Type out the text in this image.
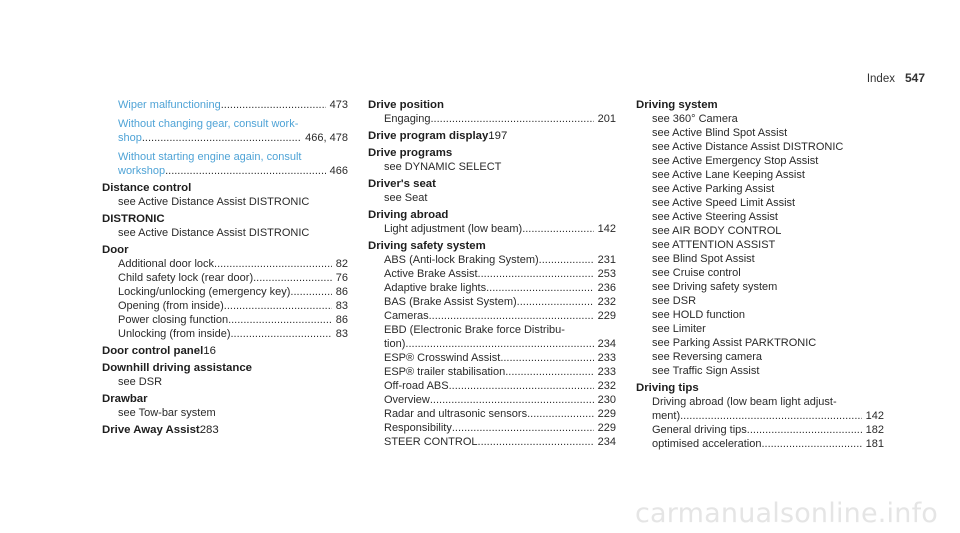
Index 547
Wiper malfunctioning .....	473
Without changing gear, consult work-
shop .....	466, 478
Without starting engine again, consult
workshop .....	466
Distance control
see Active Distance Assist DISTRONIC
DISTRONIC
see Active Distance Assist DISTRONIC
Door
Additional door lock .....	82
Child safety lock (rear door) .....	76
Locking/unlocking (emergency key) .....	86
Opening (from inside) .....	83
Power closing function .....	86
Unlocking (from inside) .....	83
Door control panel 16
Downhill driving assistance
see DSR
Drawbar
see Tow-bar system
Drive Away Assist 283
Drive position
Engaging .....	201
Drive program display 197
Drive programs
see DYNAMIC SELECT
Driver's seat
see Seat
Driving abroad
Light adjustment (low beam) .....	142
Driving safety system
ABS (Anti-lock Braking System) .....	231
Active Brake Assist .....	253
Adaptive brake lights .....	236
BAS (Brake Assist System) .....	232
Cameras .....	229
EBD (Electronic Brake force Distribu-
tion) .....	234
ESP® Crosswind Assist .....	233
ESP® trailer stabilisation .....	233
Off-road ABS .....	232
Overview .....	230
Radar and ultrasonic sensors .....	229
Responsibility .....	229
STEER CONTROL .....	234
Driving system
see 360° Camera
see Active Blind Spot Assist
see Active Distance Assist DISTRONIC
see Active Emergency Stop Assist
see Active Lane Keeping Assist
see Active Parking Assist
see Active Speed Limit Assist
see Active Steering Assist
see AIR BODY CONTROL
see ATTENTION ASSIST
see Blind Spot Assist
see Cruise control
see Driving safety system
see DSR
see HOLD function
see Limiter
see Parking Assist PARKTRONIC
see Reversing camera
see Traffic Sign Assist
Driving tips
Driving abroad (low beam light adjust-
ment) .....	142
General driving tips .....	182
optimised acceleration .....	181
carmanualsonline.info
